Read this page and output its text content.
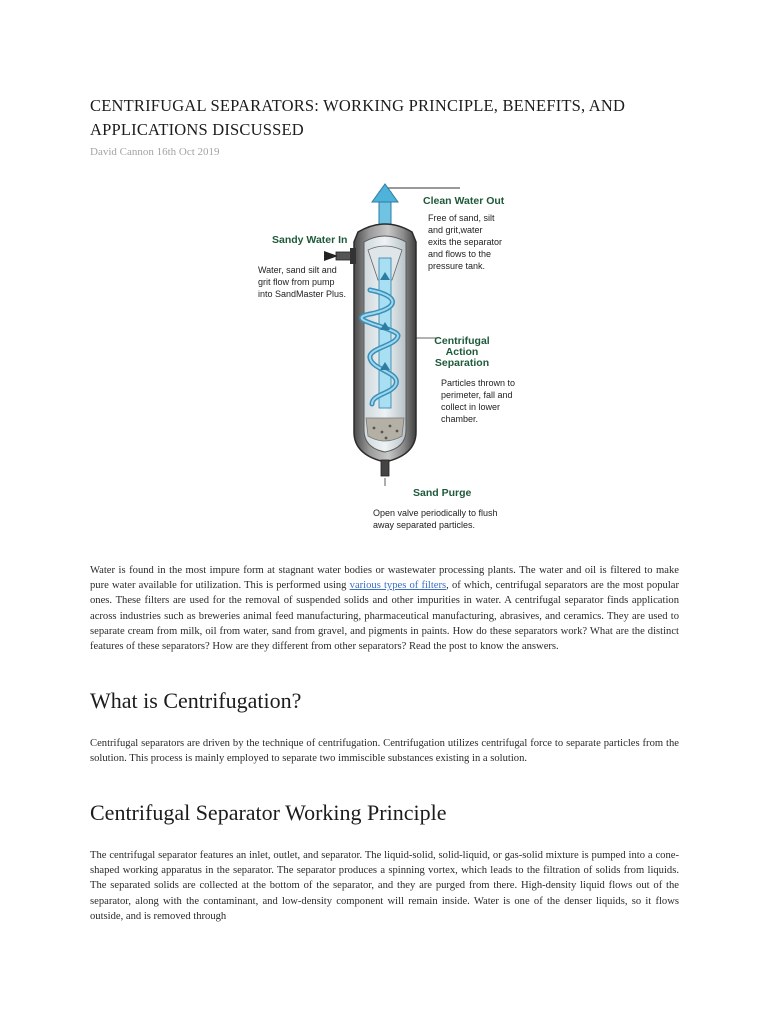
CENTRIFUGAL SEPARATORS: WORKING PRINCIPLE, BENEFITS, AND APPLICATIONS DISCUSSED
David Cannon 16th Oct 2019
Clean Water Out
Free of sand, silt
and grit,water
exits the separator
and flows to the
pressure tank.
Sandy Water In
Water, sand silt and
grit flow from pump
into SandMaster Plus.
Centrifugal
Action
Separation
Particles thrown to
perimeter, fall and
collect in lower
chamber.
Sand Purge
Open valve periodically to flush
away separated particles.

Water is found in the most impure form at stagnant water bodies or wastewater processing plants. The water and oil is filtered to make pure water available for utilization. This is performed using various types of filters, of which, centrifugal separators are the most popular ones. These filters are used for the removal of suspended solids and other impurities in water. A centrifugal separator finds application across industries such as breweries animal feed manufacturing, pharmaceutical manufacturing, abrasives, and ceramics. They are used to separate cream from milk, oil from water, sand from gravel, and pigments in paints. How do these separators work? What are the distinct features of these separators? How are they different from other separators? Read the post to know the answers.

What is Centrifugation?

Centrifugal separators are driven by the technique of centrifugation. Centrifugation utilizes centrifugal force to separate particles from the solution. This process is mainly employed to separate two immiscible substances existing in a solution.

Centrifugal Separator Working Principle

The centrifugal separator features an inlet, outlet, and separator. The liquid-solid, solid-liquid, or gas-solid mixture is pumped into a cone-shaped working apparatus in the separator. The separator produces a spinning vortex, which leads to the filtration of solids from liquids. The separated solids are collected at the bottom of the separator, and they are purged from there. High-density liquid flows out of the separator, along with the contaminant, and low-density component will remain inside. Water is one of the denser liquids, so it flows outside, and is removed through
